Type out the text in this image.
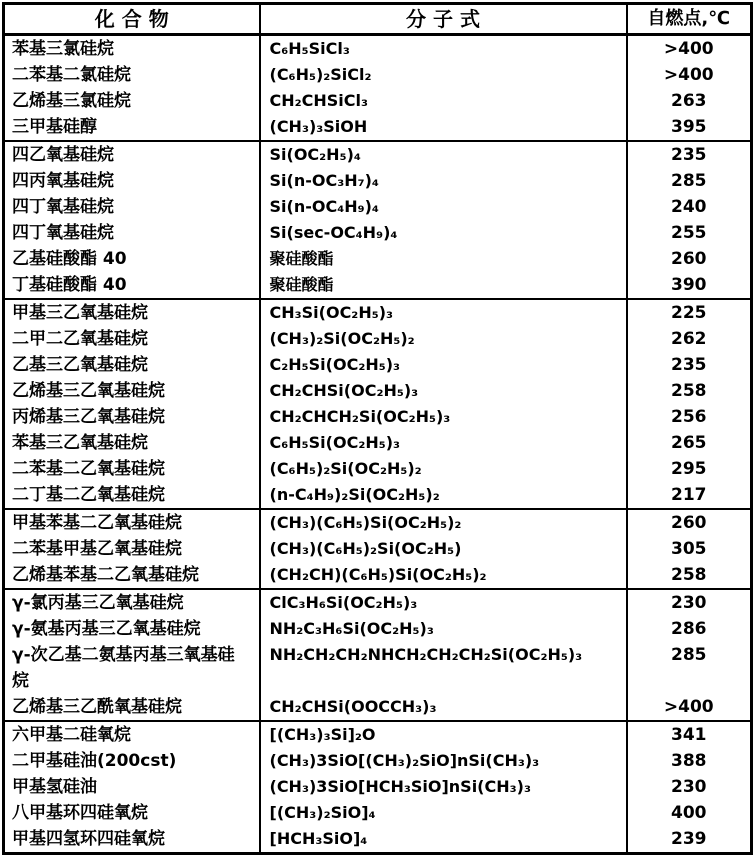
化 合 物	分 子 式	自燃点,℃
苯基三氯硅烷	C₆H₅SiCl₃	>400
二苯基二氯硅烷	(C₆H₅)₂SiCl₂	>400
乙烯基三氯硅烷	CH₂CHSiCl₃	263
三甲基硅醇	(CH₃)₃SiOH	395
四乙氧基硅烷	Si(OC₂H₅)₄	235
四丙氧基硅烷	Si(n-OC₃H₇)₄	285
四丁氧基硅烷	Si(n-OC₄H₉)₄	240
四丁氧基硅烷	Si(sec-OC₄H₉)₄	255
乙基硅酸酯 40	聚硅酸酯	260
丁基硅酸酯 40	聚硅酸酯	390
甲基三乙氧基硅烷	CH₃Si(OC₂H₅)₃	225
二甲二乙氧基硅烷	(CH₃)₂Si(OC₂H₅)₂	262
乙基三乙氧基硅烷	C₂H₅Si(OC₂H₅)₃	235
乙烯基三乙氧基硅烷	CH₂CHSi(OC₂H₅)₃	258
丙烯基三乙氧基硅烷	CH₂CHCH₂Si(OC₂H₅)₃	256
苯基三乙氧基硅烷	C₆H₅Si(OC₂H₅)₃	265
二苯基二乙氧基硅烷	(C₆H₅)₂Si(OC₂H₅)₂	295
二丁基二乙氧基硅烷	(n-C₄H₉)₂Si(OC₂H₅)₂	217
甲基苯基二乙氧基硅烷	(CH₃)(C₆H₅)Si(OC₂H₅)₂	260
二苯基甲基乙氧基硅烷	(CH₃)(C₆H₅)₂Si(OC₂H₅)	305
乙烯基苯基二乙氧基硅烷	(CH₂CH)(C₆H₅)Si(OC₂H₅)₂	258
γ-氯丙基三乙氧基硅烷	ClC₃H₆Si(OC₂H₅)₃	230
γ-氨基丙基三乙氧基硅烷	NH₂C₃H₆Si(OC₂H₅)₃	286
γ-次乙基二氨基丙基三氧基硅烷	NH₂CH₂CH₂NHCH₂CH₂CH₂Si(OC₂H₅)₃	285
乙烯基三乙酰氧基硅烷	CH₂CHSi(OOCCH₃)₃	>400
六甲基二硅氧烷	[(CH₃)₃Si]₂O	341
二甲基硅油(200cst)	(CH₃)3SiO[(CH₃)₂SiO]nSi(CH₃)₃	388
甲基氢硅油	(CH₃)3SiO[HCH₃SiO]nSi(CH₃)₃	230
八甲基环四硅氧烷	[(CH₃)₂SiO]₄	400
甲基四氢环四硅氧烷	[HCH₃SiO]₄	239
